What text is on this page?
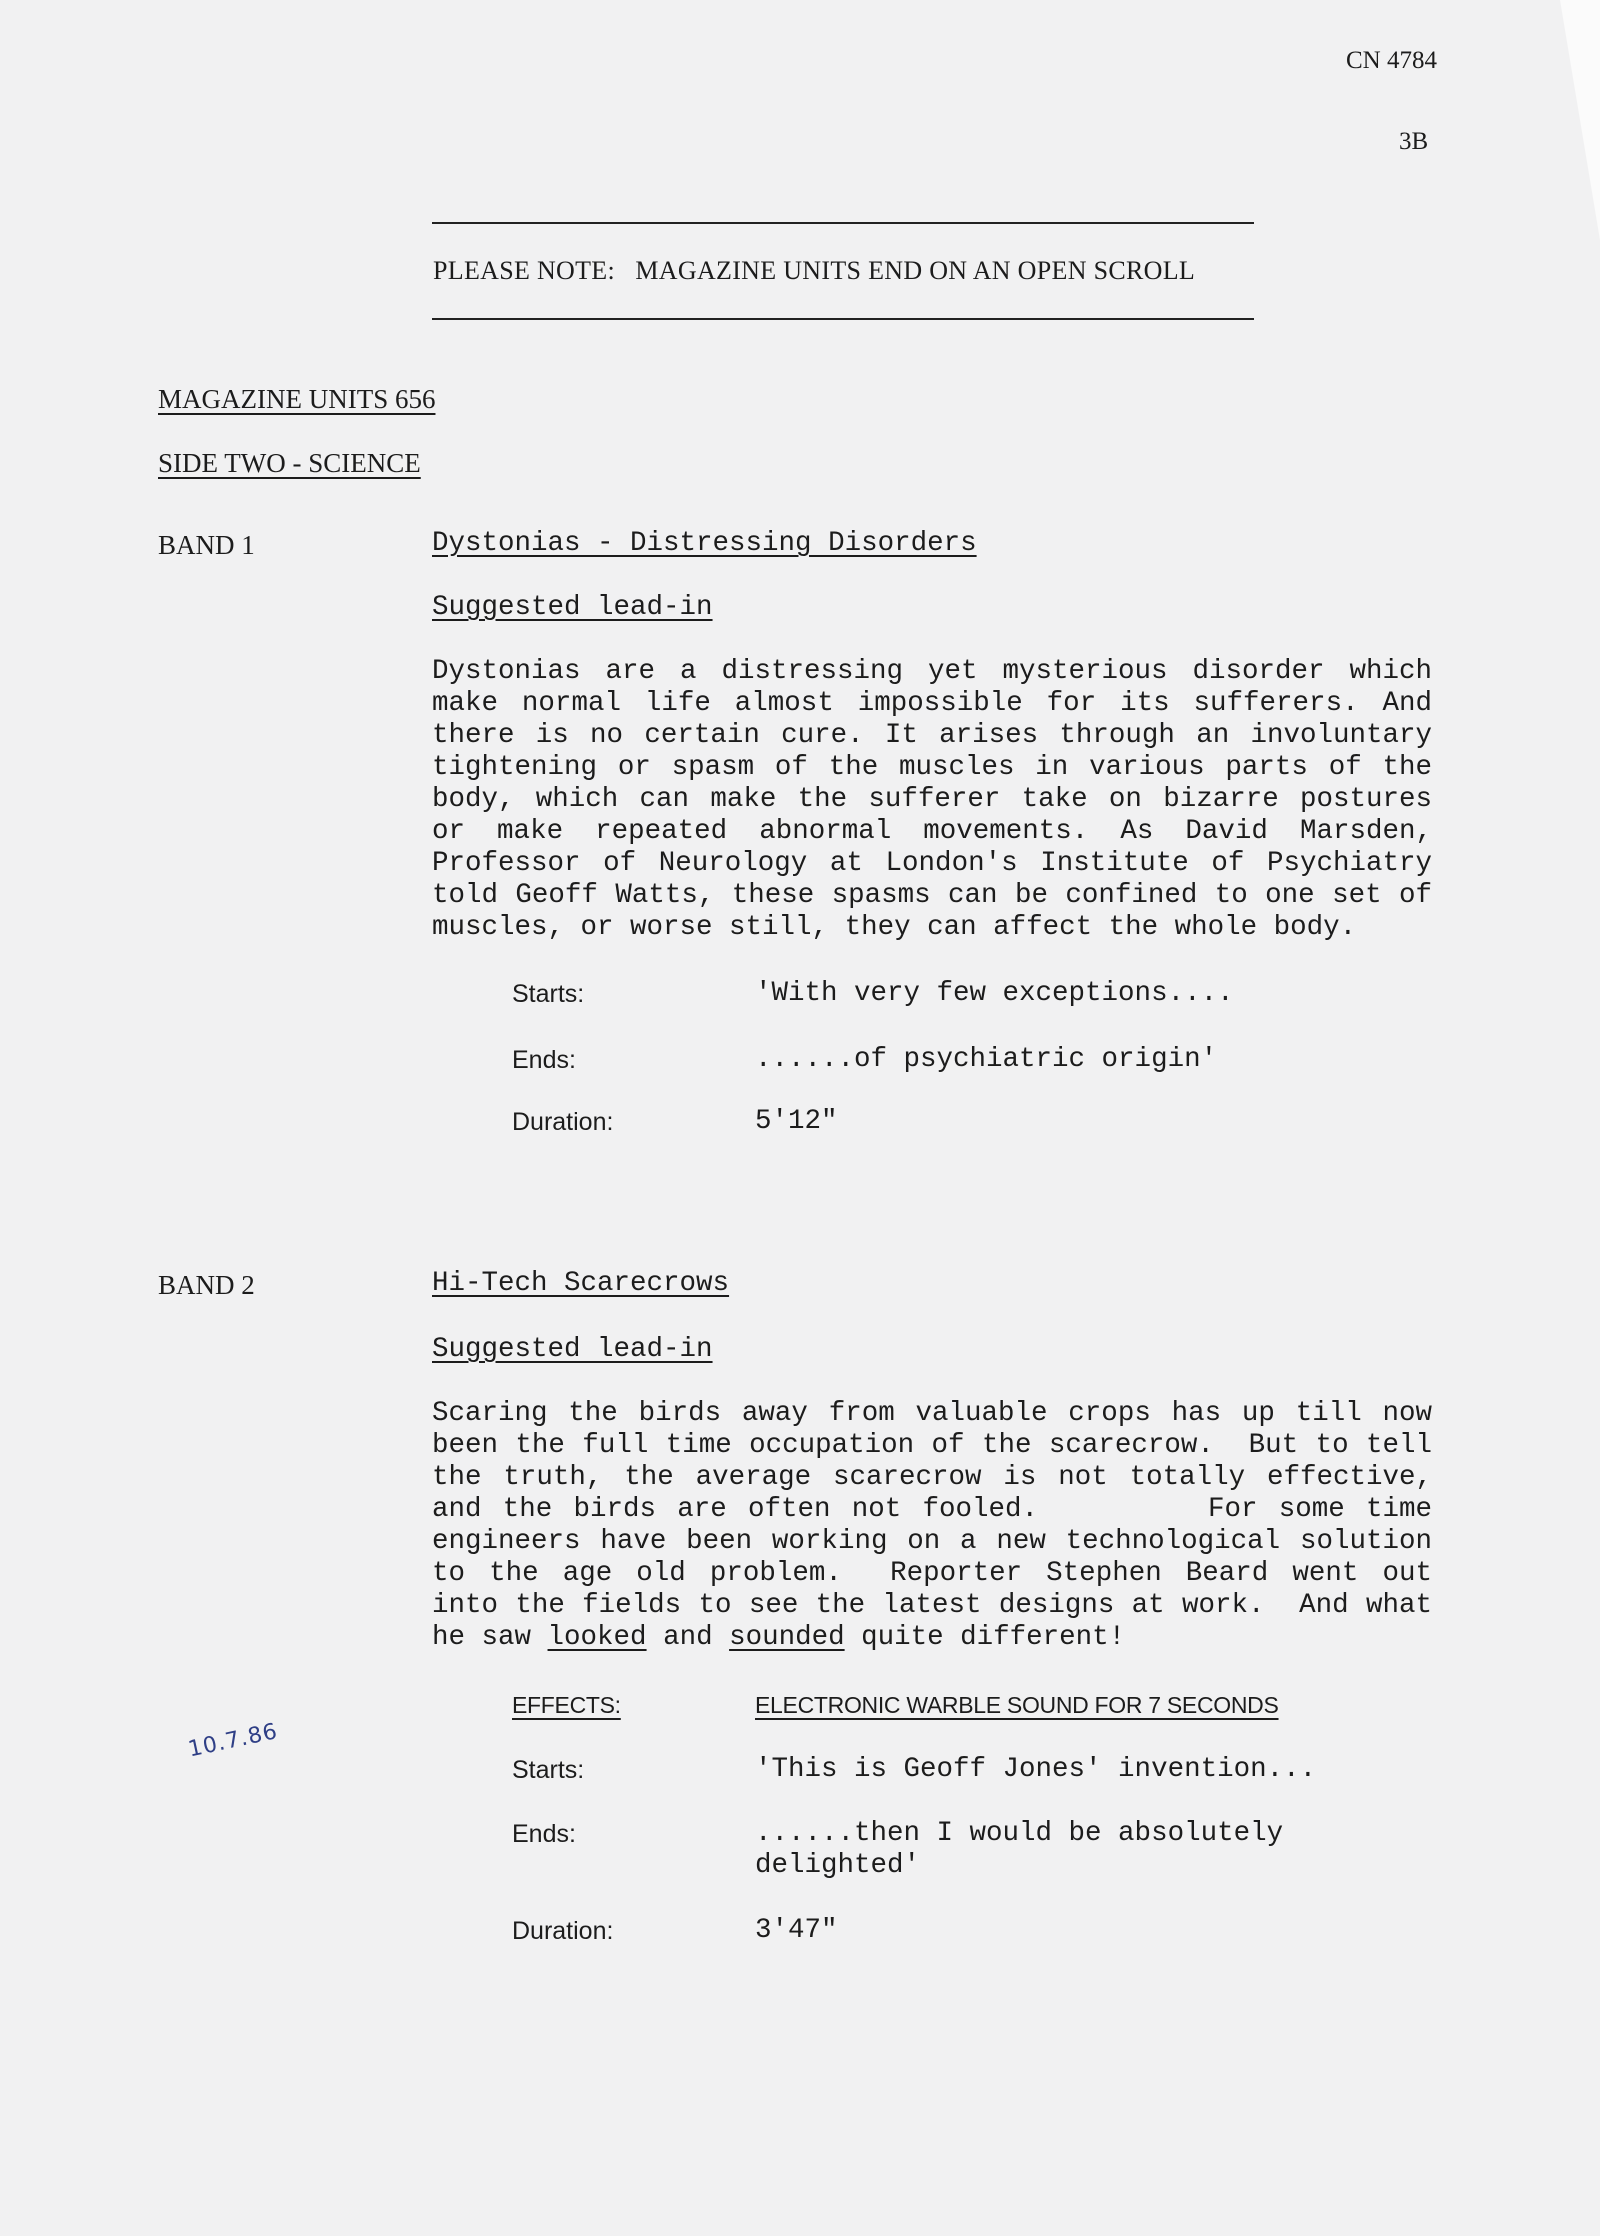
CN 4784
3B
PLEASE NOTE:   MAGAZINE UNITS END ON AN OPEN SCROLL
MAGAZINE UNITS 656
SIDE TWO - SCIENCE
BAND 1	Dystonias - Distressing Disorders
Suggested lead-in
Dystonias are a distressing yet mysterious disorder which make normal life almost impossible for its sufferers. And there is no certain cure. It arises through an involuntary tightening or spasm of the muscles in various parts of the body, which can make the sufferer take on bizarre postures or make repeated abnormal movements. As David Marsden, Professor of Neurology at London's Institute of Psychiatry told Geoff Watts, these spasms can be confined to one set of muscles, or worse still, they can affect the whole body.
Starts:	'With very few exceptions....
Ends:	......of psychiatric origin'
Duration:	5'12"
BAND 2	Hi-Tech Scarecrows
Suggested lead-in
Scaring the birds away from valuable crops has up till now been the full time occupation of the scarecrow.  But to tell the truth, the average scarecrow is not totally effective, and the birds are often not fooled.        For some time engineers have been working on a new technological solution to the age old problem.  Reporter Stephen Beard went out into the fields to see the latest designs at work.  And what he saw looked and sounded quite different!
EFFECTS:	ELECTRONIC WARBLE SOUND FOR 7 SECONDS
Starts:	'This is Geoff Jones' invention...
Ends:	......then I would be absolutely delighted'
Duration:	3'47"
10.7.86
